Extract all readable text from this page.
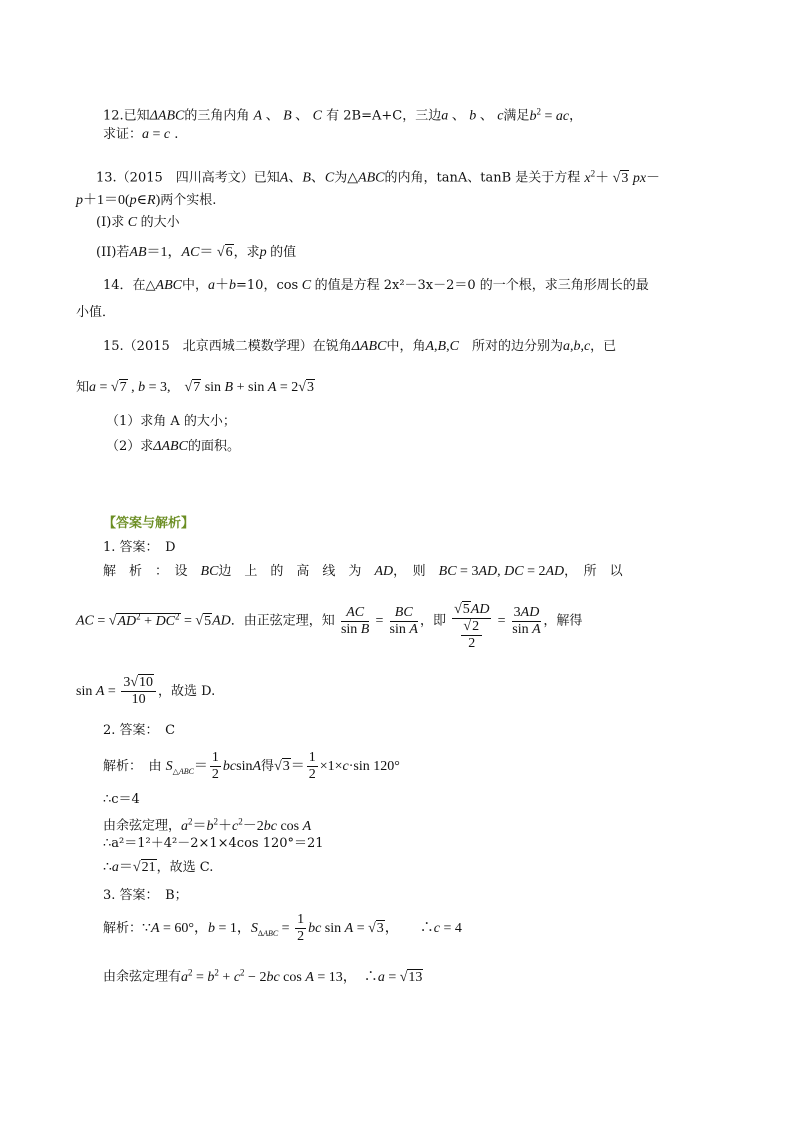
12.已知ΔABC的三角内角 A 、 B 、 C 有 2B=A+C，三边a 、 b 、 c满足$b^2$ = ac，
求证：a = c .
13.（2015　四川高考文）已知A、B、C为△ABC的内角，tanA、tanB 是关于方程 $x^2+ √3$ px－
p＋1＝0(p∈R)两个实根.
(I)求 C 的大小
(II)若AB＝1，AC＝ √6，求p 的值
14．在△ABC中，a＋b=10，cos C 的值是方程 2x²－3x－2＝0 的一个根，求三角形周长的最
小值．
15.（2015　北京西城二模数学理）在锐角ΔABC中，角A,B,C　 所对的边分别为a,b,c，已
知a = √7 , b = 3,　√7 sin B + sin A = 2√3
（1）求角 A 的大小；
（2）求ΔABC的面积。
【答案与解析】
1. 答案：　 D
解　析　：　设　 BC边　上　的　高　线　为　 AD，　则　 BC = 3AD, DC = 2AD，　所　以
AC = $√AD^2 + DC^2 = √5AD$．由正弦定理，知 $\frac{AC}{\text{sin B}} = \frac{BC}{\text{sin A}}$ ，即 $\frac{√5AD}{\frac{√2}{2}} = \frac{3AD}{\text{sin A}}$ ，解得
$\sin A = \frac{3√10}{10}$ ，故选 D.
2. 答案：　 C
解析：　由 $S_{\triangle ABC}= \frac{1}{2}$ bcsinA得$√3= \frac{1}{2} \times 1\times c\cdot\sin$ 120°
∴c＝4
由余弦定理，$a^2=b^2+c^2-2bc$ cos A
∴a²＝1²＋4²－2×1×4cos 120°＝21
∴a＝√21，故选 C.
3. 答案：　 B；
解析：∵A = 60°，b = 1，$S_{\Delta ABC} = \frac{1}{2}$ bc sin A = √3，　　∴c = 4
由余弦定理有$a^2 = b^2 + c^2 - 2bc$ cos A = 13，　∴a = √13
